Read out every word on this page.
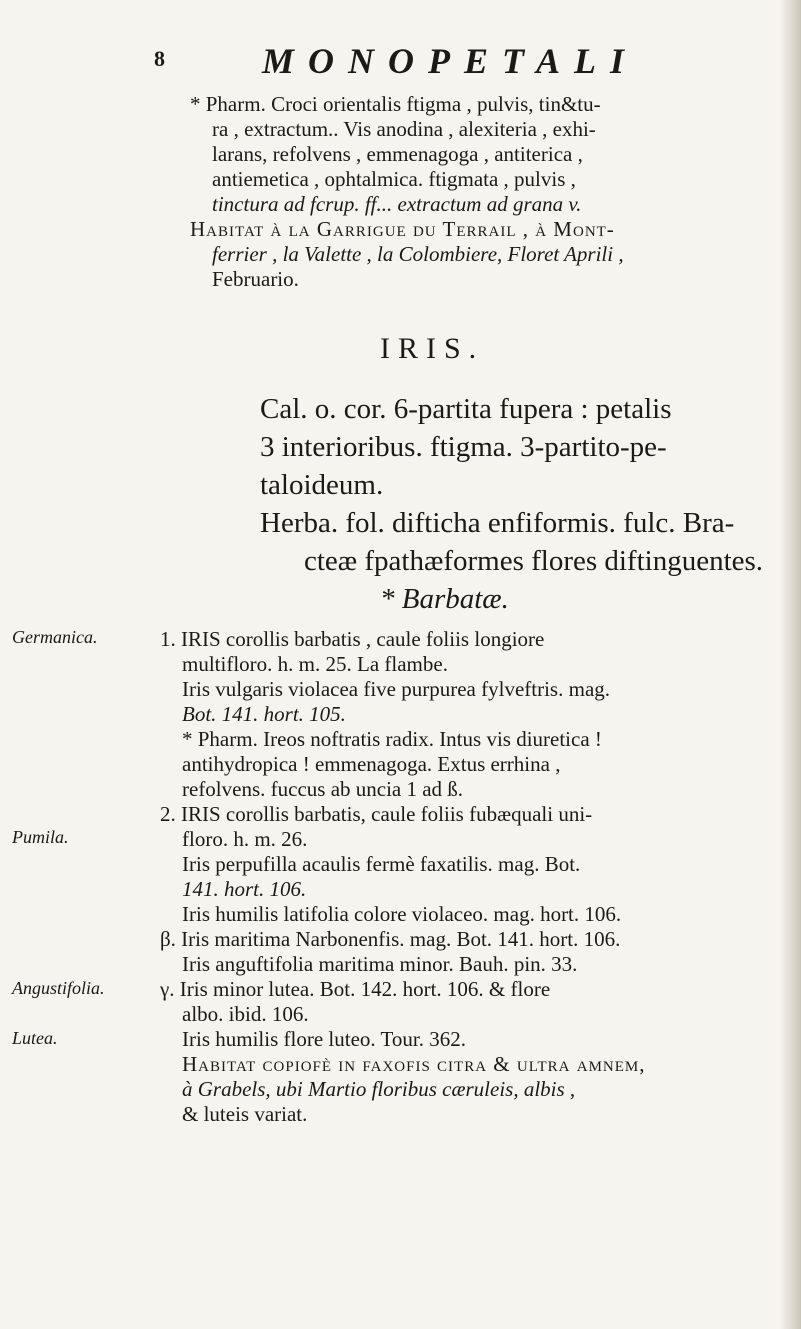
8	MONOPETALI
* Pharm. Croci orientalis ftigma , pulvis, tin&tu-
ra , extractum.. Vis anodina , alexiteria , exhi-
larans, refolvens , emmenagoga , antiterica ,
antiemetica , ophtalmica. ftigmata , pulvis ,
tinctura ad fcrup. ff... extractum ad grana v.
Habitat à la Garrigue du Terrail , à Mont-
ferrier , la Valette , la Colombiere, Floret Aprili ,
Februario.
IRIS.
Cal. o. cor. 6-partita fupera : petalis
3 interioribus. ftigma. 3-partito-pe-
taloideum.
Herba. fol. difticha enfiformis. fulc. Bra-
cteæ fpathæformes flores diftinguentes.
* Barbatæ.
Germanica.
Pumila.
Angustifolia.
Lutea.
1. IRIS corollis barbatis , caule foliis longiore
multifloro. h. m. 25. La flambe.
Iris vulgaris violacea five purpurea fylveftris. mag.
Bot. 141. hort. 105.
* Pharm. Ireos noftratis radix. Intus vis diuretica !
antihydropica ! emmenagoga. Extus errhina ,
refolvens. fuccus ab uncia 1 ad ß.
2. IRIS corollis barbatis, caule foliis fubæquali uni-
floro. h. m. 26.
Iris perpufilla acaulis fermè faxatilis. mag. Bot.
141. hort. 106.
Iris humilis latifolia colore violaceo. mag. hort. 106.
β. Iris maritima Narbonenfis. mag. Bot. 141. hort. 106.
Iris anguftifolia maritima minor. Bauh. pin. 33.
γ. Iris minor lutea. Bot. 142. hort. 106. & flore
albo. ibid. 106.
Iris humilis flore luteo. Tour. 362.
Habitat copiofè in faxofis citra & ultra amnem,
à Grabels, ubi Martio floribus cæruleis, albis ,
& luteis variat.
